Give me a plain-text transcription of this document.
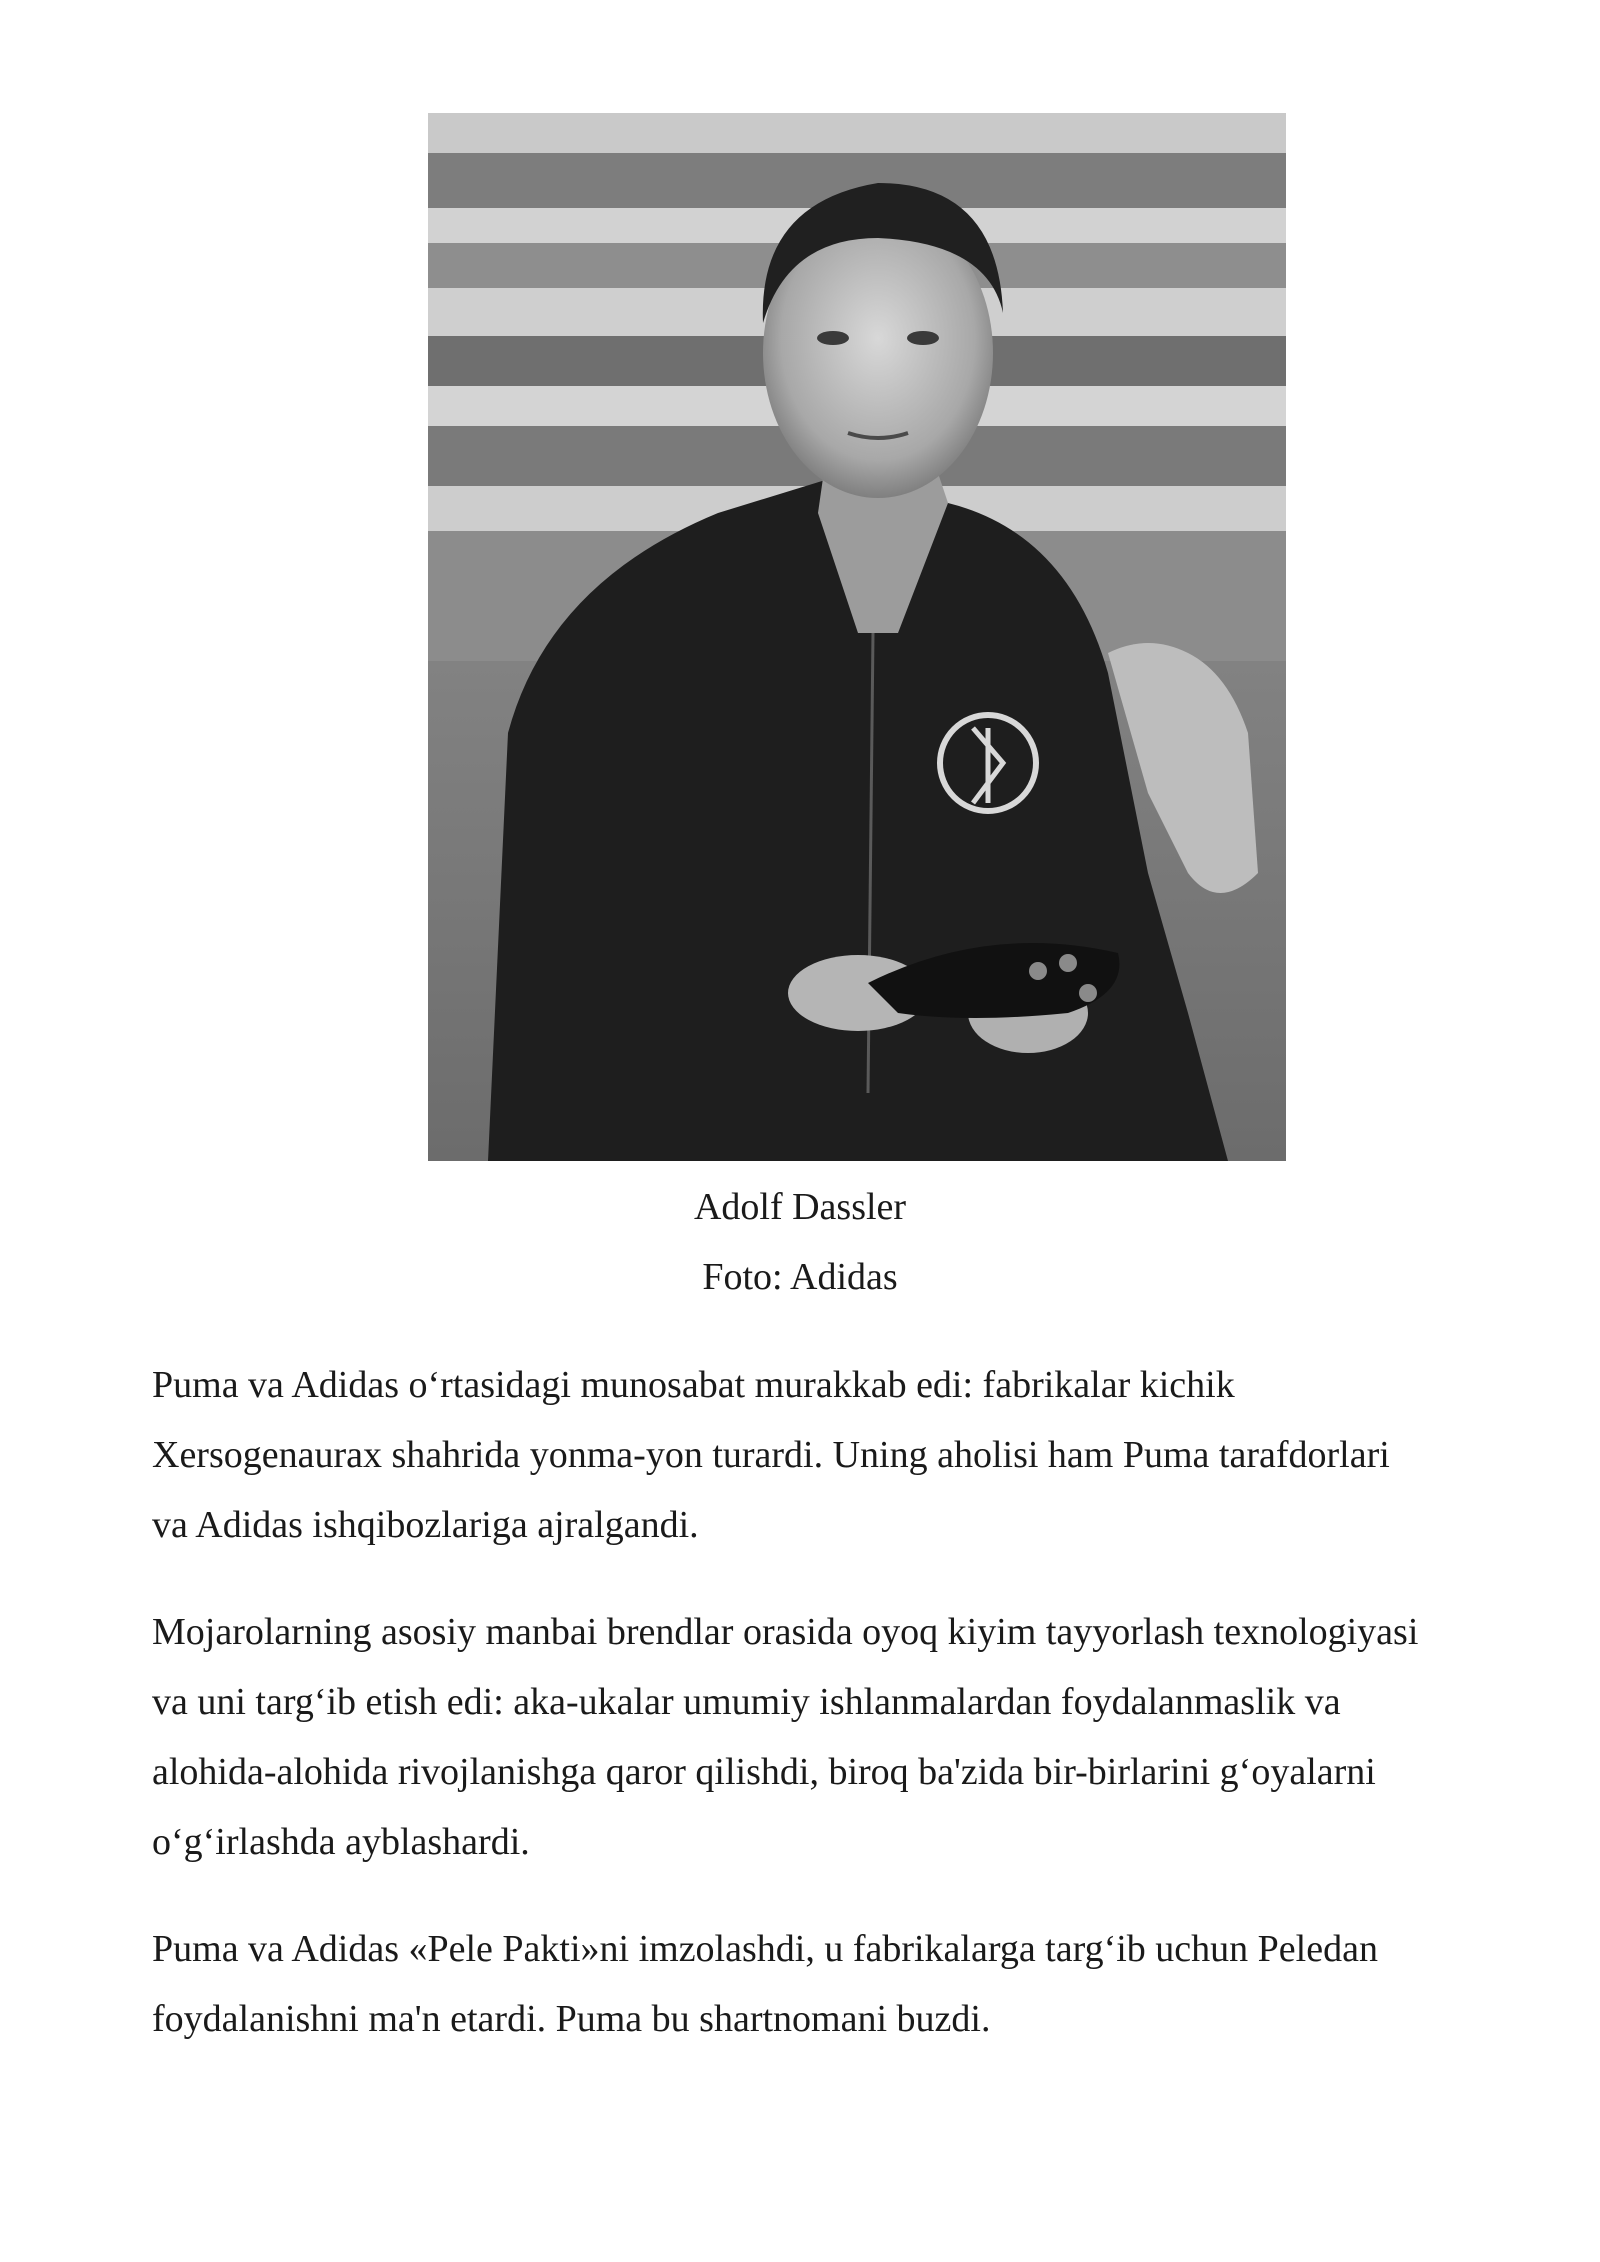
Adolf Dassler
Foto: Adidas

Puma va Adidas o‘rtasidagi munosabat murakkab edi: fabrikalar kichik
Xersogenaurax shahrida yonma-yon turardi. Uning aholisi ham Puma tarafdorlari
va Adidas ishqibozlariga ajralgandi.

Mojarolarning asosiy manbai brendlar orasida oyoq kiyim tayyorlash texnologiyasi
va uni targ‘ib etish edi: aka-ukalar umumiy ishlanmalardan foydalanmaslik va
alohida-alohida rivojlanishga qaror qilishdi, biroq ba'zida bir-birlarini g‘oyalarni
o‘g‘irlashda ayblashardi.

Puma va Adidas «Pele Pakti»ni imzolashdi, u fabrikalarga targ‘ib uchun Peledan
foydalanishni ma'n etardi. Puma bu shartnomani buzdi.
